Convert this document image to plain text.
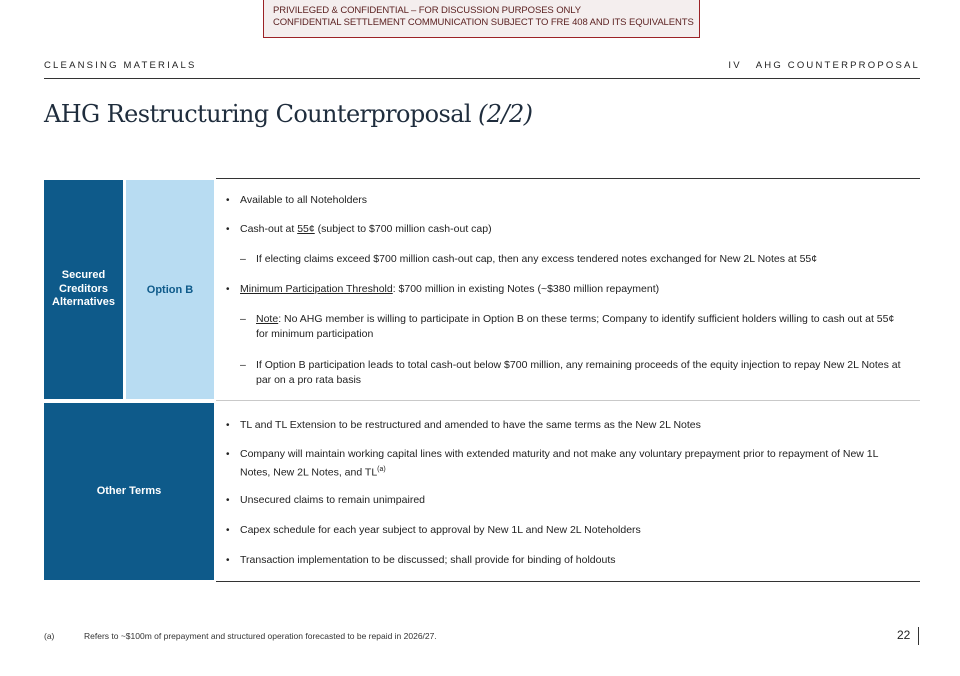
PRIVILEGED & CONFIDENTIAL – FOR DISCUSSION PURPOSES ONLY
CONFIDENTIAL SETTLEMENT COMMUNICATION SUBJECT TO FRE 408 AND ITS EQUIVALENTS
CLEANSING MATERIALS	IV   AHG COUNTERPROPOSAL
AHG Restructuring Counterproposal (2/2)
Secured Creditors Alternatives
Option B
• Available to all Noteholders
• Cash-out at 55¢ (subject to $700 million cash-out cap)
– If electing claims exceed $700 million cash-out cap, then any excess tendered notes exchanged for New 2L Notes at 55¢
• Minimum Participation Threshold: $700 million in existing Notes (~$380 million repayment)
– Note: No AHG member is willing to participate in Option B on these terms; Company to identify sufficient holders willing to cash out at 55¢ for minimum participation
– If Option B participation leads to total cash-out below $700 million, any remaining proceeds of the equity injection to repay New 2L Notes at par on a pro rata basis
Other Terms
• TL and TL Extension to be restructured and amended to have the same terms as the New 2L Notes
• Company will maintain working capital lines with extended maturity and not make any voluntary prepayment prior to repayment of New 1L Notes, New 2L Notes, and TL$^{(a)}$
• Unsecured claims to remain unimpaired
• Capex schedule for each year subject to approval by New 1L and New 2L Noteholders
• Transaction implementation to be discussed; shall provide for binding of holdouts
(a)	Refers to ~$100m of prepayment and structured operation forecasted to be repaid in 2026/27.	22
